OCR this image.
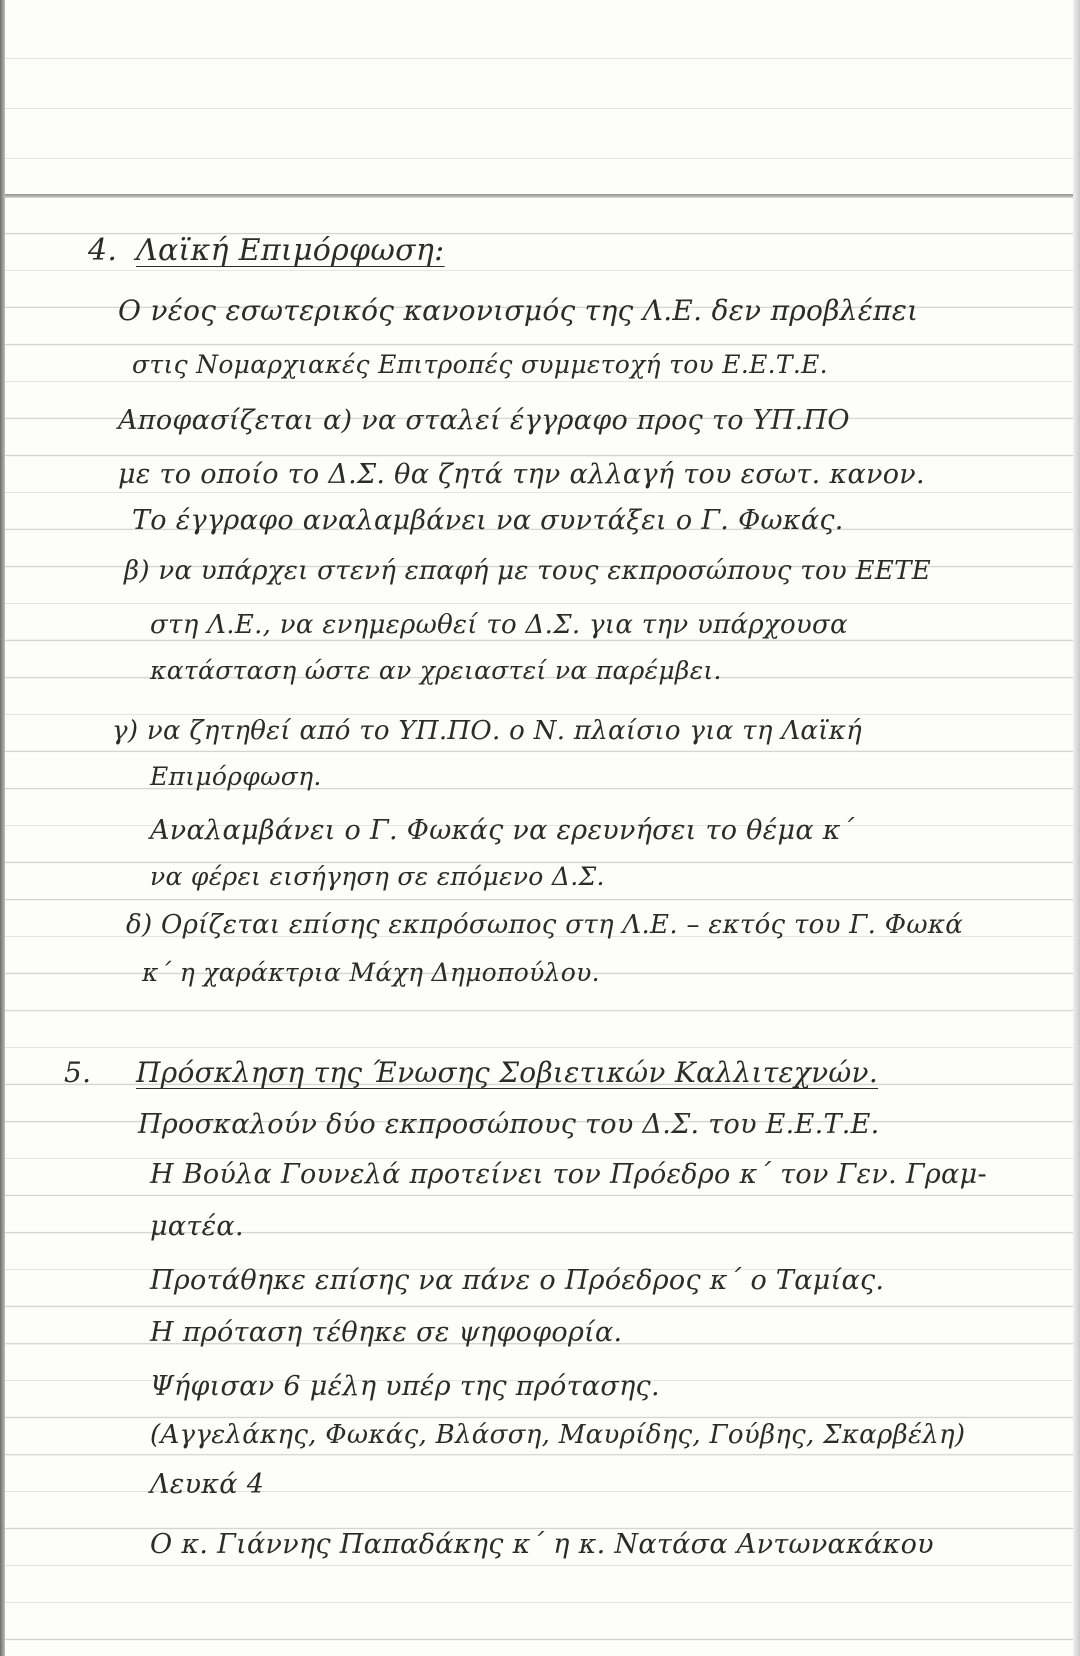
4. Λαϊκή Επιμόρφωση:
Ο νέος εσωτερικός κανονισμός της Λ.Ε. δεν προβλέπει
στις Νομαρχιακές Επιτροπές συμμετοχή του Ε.Ε.Τ.Ε.
Αποφασίζεται α) να σταλεί έγγραφο προς το ΥΠ.ΠΟ
με το οποίο το Δ.Σ. θα ζητά την αλλαγή του εσωτ. κανον.
Το έγγραφο αναλαμβάνει να συντάξει ο Γ. Φωκάς.
β) να υπάρχει στενή επαφή με τους εκπροσώπους του ΕΕΤΕ
στη Λ.Ε., να ενημερωθεί το Δ.Σ. για την υπάρχουσα
κατάσταση ώστε αν χρειαστεί να παρέμβει.
γ) να ζητηθεί από το ΥΠ.ΠΟ. ο Ν. πλαίσιο για τη Λαϊκή
Επιμόρφωση.
Αναλαμβάνει ο Γ. Φωκάς να ερευνήσει το θέμα κ΄
να φέρει εισήγηση σε επόμενο Δ.Σ.
δ) Ορίζεται επίσης εκπρόσωπος στη Λ.Ε. – εκτός του Γ. Φωκά
κ΄ η χαράκτρια Μάχη Δημοπούλου.
5. Πρόσκληση της Ένωσης Σοβιετικών Καλλιτεχνών.
Προσκαλούν δύο εκπροσώπους του Δ.Σ. του Ε.Ε.Τ.Ε.
Η Βούλα Γουνελά προτείνει τον Πρόεδρο κ΄ τον Γεν. Γραμ-
ματέα.
Προτάθηκε επίσης να πάνε ο Πρόεδρος κ΄ ο Ταμίας.
Η πρόταση τέθηκε σε ψηφοφορία.
Ψήφισαν 6 μέλη υπέρ της πρότασης.
(Αγγελάκης, Φωκάς, Βλάσση, Μαυρίδης, Γούβης, Σκαρβέλη)
Λευκά 4
Ο κ. Γιάννης Παπαδάκης κ΄ η κ. Νατάσα Αντωνακάκου
